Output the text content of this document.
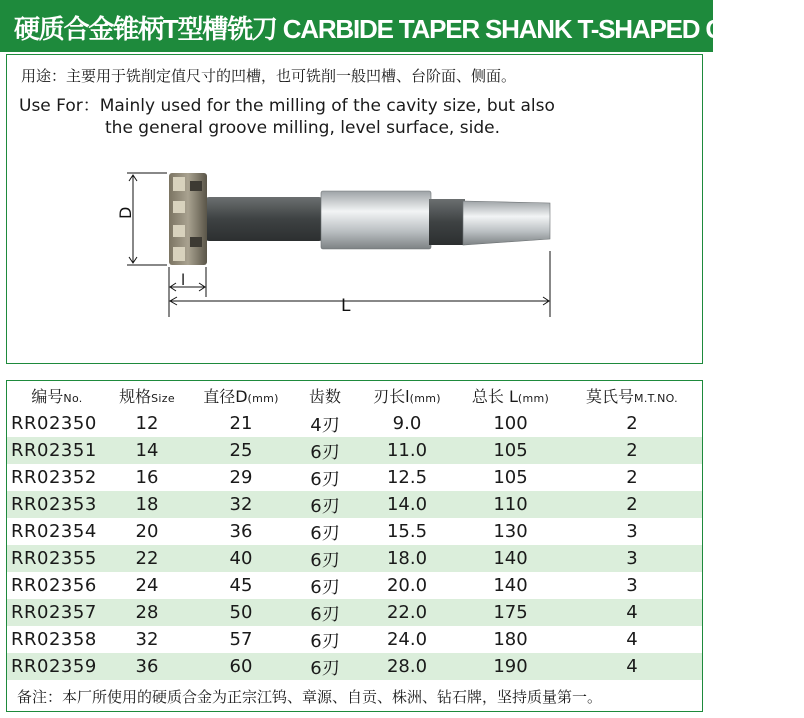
硬质合金锥柄T型槽铣刀 CARBIDE TAPER SHANK T-SHAPED CUTTER
用途：主要用于铣削定值尺寸的凹槽，也可铣削一般凹槽、台阶面、侧面。
Use For：Mainly used for the milling of the cavity size, but also
the general groove milling, level surface, side.
D
l
L
编号No.	规格Size	直径D(mm)	齿数	刃长l(mm)	总长 L(mm)	莫氏号M.T.NO.
RR02350	12	21	4刃	9.0	100	2
RR02351	14	25	6刃	11.0	105	2
RR02352	16	29	6刃	12.5	105	2
RR02353	18	32	6刃	14.0	110	2
RR02354	20	36	6刃	15.5	130	3
RR02355	22	40	6刃	18.0	140	3
RR02356	24	45	6刃	20.0	140	3
RR02357	28	50	6刃	22.0	175	4
RR02358	32	57	6刃	24.0	180	4
RR02359	36	60	6刃	28.0	190	4
备注：本厂所使用的硬质合金为正宗江钨、章源、自贡、株洲、钻石牌，坚持质量第一。
